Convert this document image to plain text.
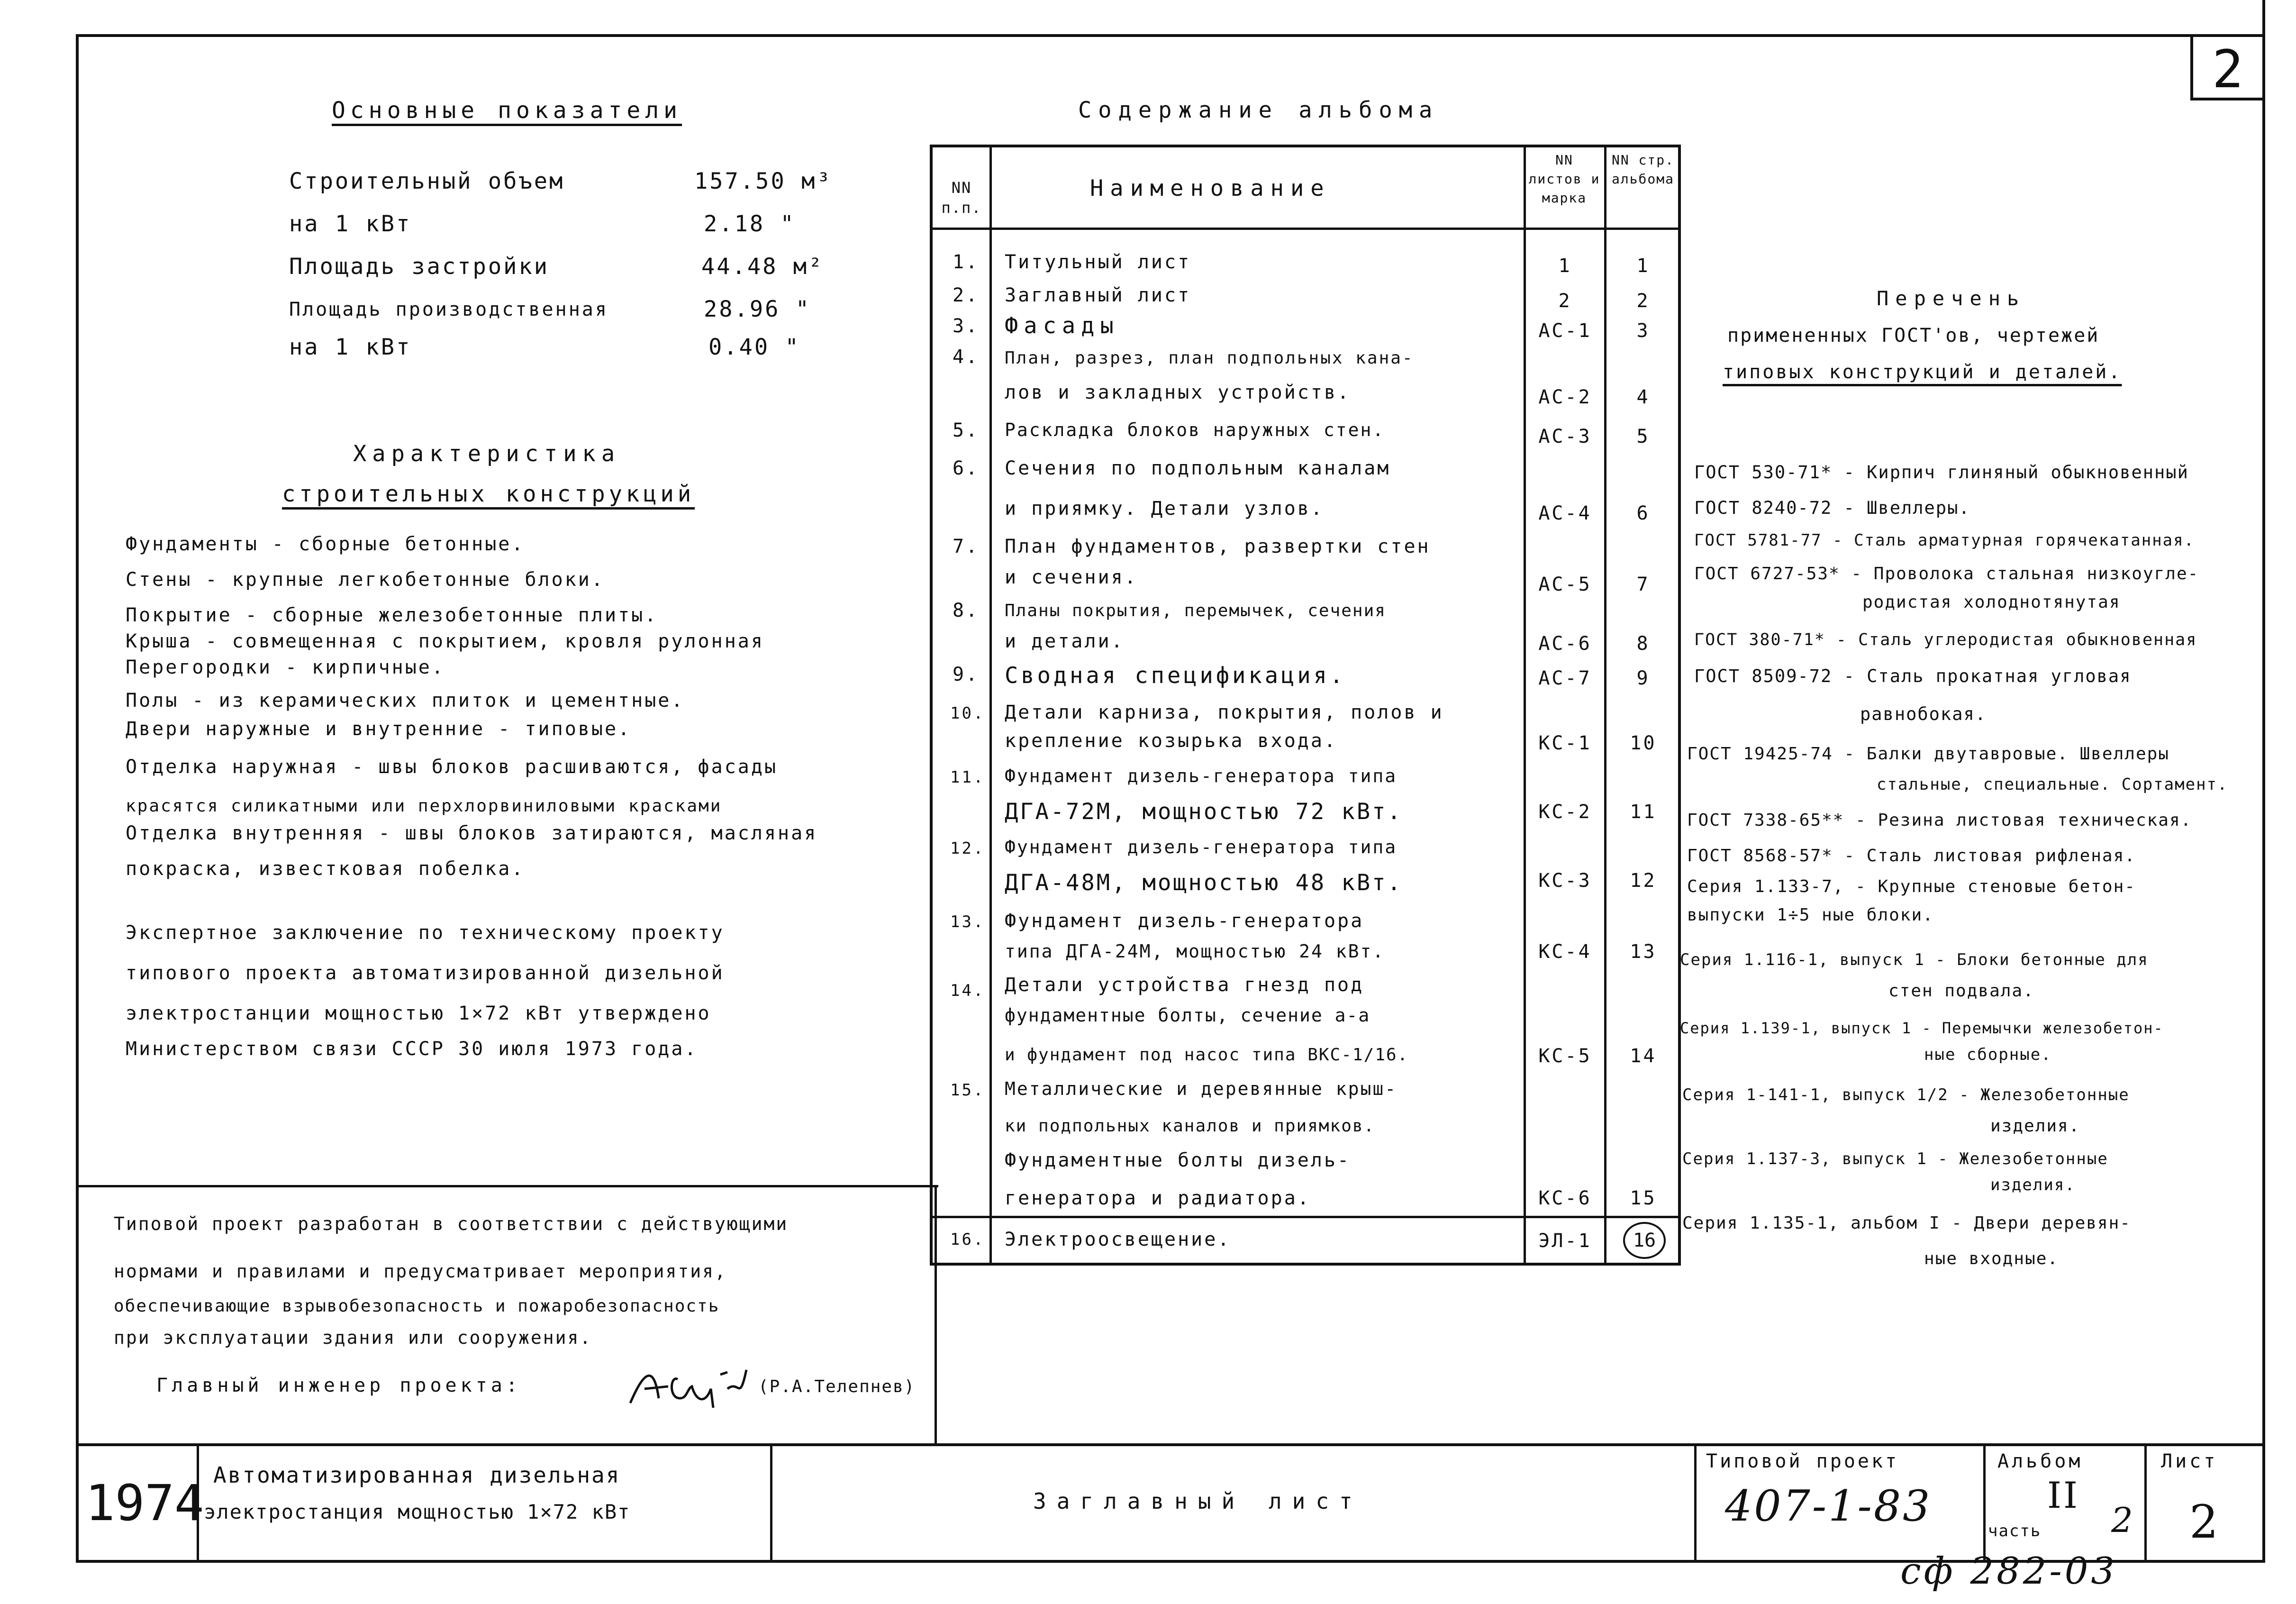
2
Основные показатели
Строительный объем	157.50 м³
на 1 кВт	2.18 "
Площадь застройки	44.48 м²
Площадь производственная	28.96 "
на 1 кВт	0.40 "
Характеристика
строительных конструкций
Фундаменты - сборные бетонные.
Стены - крупные легкобетонные блоки.
Покрытие - сборные железобетонные плиты.
Крыша - совмещенная с покрытием, кровля рулонная
Перегородки - кирпичные.
Полы - из керамических плиток и цементные.
Двери наружные и внутренние - типовые.
Отделка наружная - швы блоков расшиваются, фасады
красятся силикатными или перхлорвиниловыми красками
Отделка внутренняя - швы блоков затираются, масляная
покраска, известковая побелка.
Экспертное заключение по техническому проекту
типового проекта автоматизированной дизельной
электростанции мощностью 1×72 кВт утверждено
Министерством связи СССР 30 июля 1973 года.
Типовой проект разработан в соответствии с действующими
нормами и правилами и предусматривает мероприятия,
обеспечивающие взрывобезопасность и пожаробезопасность
при эксплуатации здания или сооружения.
Главный инженер проекта:	(Р.А.Телепнев)
Содержание альбома
NN п.п.
Наименование
NN листов и марка
NN стр. альбома
1. Титульный лист	1	1
2. Заглавный лист	2	2
3. Фасады	АС-1	3
4. План, разрез, план подпольных кана-
лов и закладных устройств.	АС-2	4
5. Раскладка блоков наружных стен.	АС-3	5
6. Сечения по подпольным каналам
и приямку. Детали узлов.	АС-4	6
7. План фундаментов, развертки стен
и сечения.	АС-5	7
8. Планы покрытия, перемычек, сечения
и детали.	АС-6	8
9. Сводная спецификация.	АС-7	9
10. Детали карниза, покрытия, полов и
крепление козырька входа.	КС-1	10
11. Фундамент дизель-генератора типа
ДГА-72М, мощностью 72 кВт.	КС-2	11
12. Фундамент дизель-генератора типа
ДГА-48М, мощностью 48 кВт.	КС-3	12
13. Фундамент дизель-генератора
типа ДГА-24М, мощностью 24 кВт.	КС-4	13
14. Детали устройства гнезд под
фундаментные болты, сечение а-а
и фундамент под насос типа ВКС-1/16.	КС-5	14
15. Металлические и деревянные крыш-
ки подпольных каналов и приямков.
Фундаментные болты дизель-
генератора и радиатора.	КС-6	15
16. Электроосвещение.	ЭЛ-1	16
Перечень
примененных ГОСТ'ов, чертежей
типовых конструкций и деталей.
ГОСТ 530-71* - Кирпич глиняный обыкновенный
ГОСТ 8240-72 - Швеллеры.
ГОСТ 5781-77 - Сталь арматурная горячекатанная.
ГОСТ 6727-53* - Проволока стальная низкоугле-
родистая холоднотянутая
ГОСТ 380-71* - Сталь углеродистая обыкновенная
ГОСТ 8509-72 - Сталь прокатная угловая
равнобокая.
ГОСТ 19425-74 - Балки двутавровые. Швеллеры
стальные, специальные. Сортамент.
ГОСТ 7338-65** - Резина листовая техническая.
ГОСТ 8568-57* - Сталь листовая рифленая.
Серия 1.133-7, - Крупные стеновые бетон-
выпуски 1÷5 ные блоки.
Серия 1.116-1, выпуск 1 - Блоки бетонные для
стен подвала.
Серия 1.139-1, выпуск 1 - Перемычки железобетон-
ные сборные.
Серия 1-141-1, выпуск 1/2 - Железобетонные
изделия.
Серия 1.137-3, выпуск 1 - Железобетонные
изделия.
Серия 1.135-1, альбом I - Двери деревян-
ные входные.
1974 Автоматизированная дизельная
электростанция мощностью 1×72 кВт	Заглавный лист
Типовой проект
407-1-83
Альбом
II
часть 2
Лист
2
сф 282-03
